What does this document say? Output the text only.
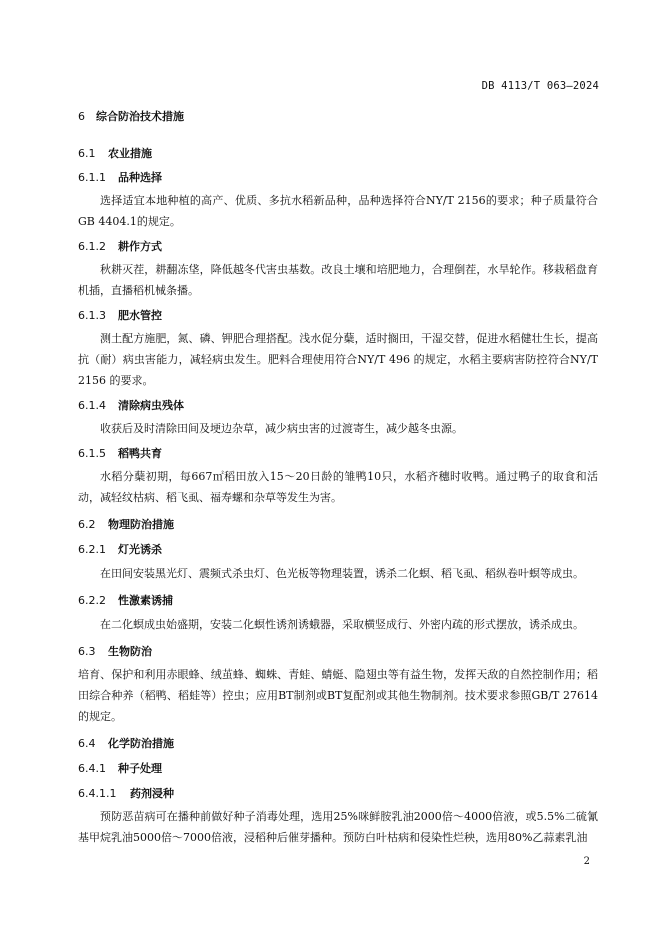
DB 4113/T 063—2024
6 综合防治技术措施
6.1 农业措施
6.1.1 品种选择
选择适宜本地种植的高产、优质、多抗水稻新品种，品种选择符合NY/T 2156的要求；种子质量符合GB 4404.1的规定。
6.1.2 耕作方式
秋耕灭茬，耕翻冻垡，降低越冬代害虫基数。改良土壤和培肥地力，合理倒茬，水旱轮作。移栽稻盘育机插，直播稻机械条播。
6.1.3 肥水管控
测土配方施肥，氮、磷、钾肥合理搭配。浅水促分蘖，适时搁田，干湿交替，促进水稻健壮生长，提高抗（耐）病虫害能力，减轻病虫发生。肥料合理使用符合NY/T 496 的规定，水稻主要病害防控符合NY/T 2156 的要求。
6.1.4 清除病虫残体
收获后及时清除田间及埂边杂草，减少病虫害的过渡寄生，减少越冬虫源。
6.1.5 稻鸭共育
水稻分蘖初期，每667㎡稻田放入15～20日龄的雏鸭10只，水稻齐穗时收鸭。通过鸭子的取食和活动，减轻纹枯病、稻飞虱、福寿螺和杂草等发生为害。
6.2 物理防治措施
6.2.1 灯光诱杀
在田间安装黑光灯、震频式杀虫灯、色光板等物理装置，诱杀二化螟、稻飞虱、稻纵卷叶螟等成虫。
6.2.2 性激素诱捕
在二化螟成虫始盛期，安装二化螟性诱剂诱蛾器，采取横竖成行、外密内疏的形式摆放，诱杀成虫。
6.3 生物防治
培育、保护和利用赤眼蜂、绒茧蜂、蜘蛛、青蛙、蜻蜓、隐翅虫等有益生物，发挥天敌的自然控制作用；稻田综合种养（稻鸭、稻蛙等）控虫；应用BT制剂或BT复配剂或其他生物制剂。技术要求参照GB/T 27614 的规定。
6.4 化学防治措施
6.4.1 种子处理
6.4.1.1 药剂浸种
预防恶苗病可在播种前做好种子消毒处理，选用25%咪鲜胺乳油2000倍～4000倍液，或5.5%二硫氰基甲烷乳油5000倍～7000倍液，浸稻种后催芽播种。预防白叶枯病和侵染性烂秧，选用80%乙蒜素乳油
2
